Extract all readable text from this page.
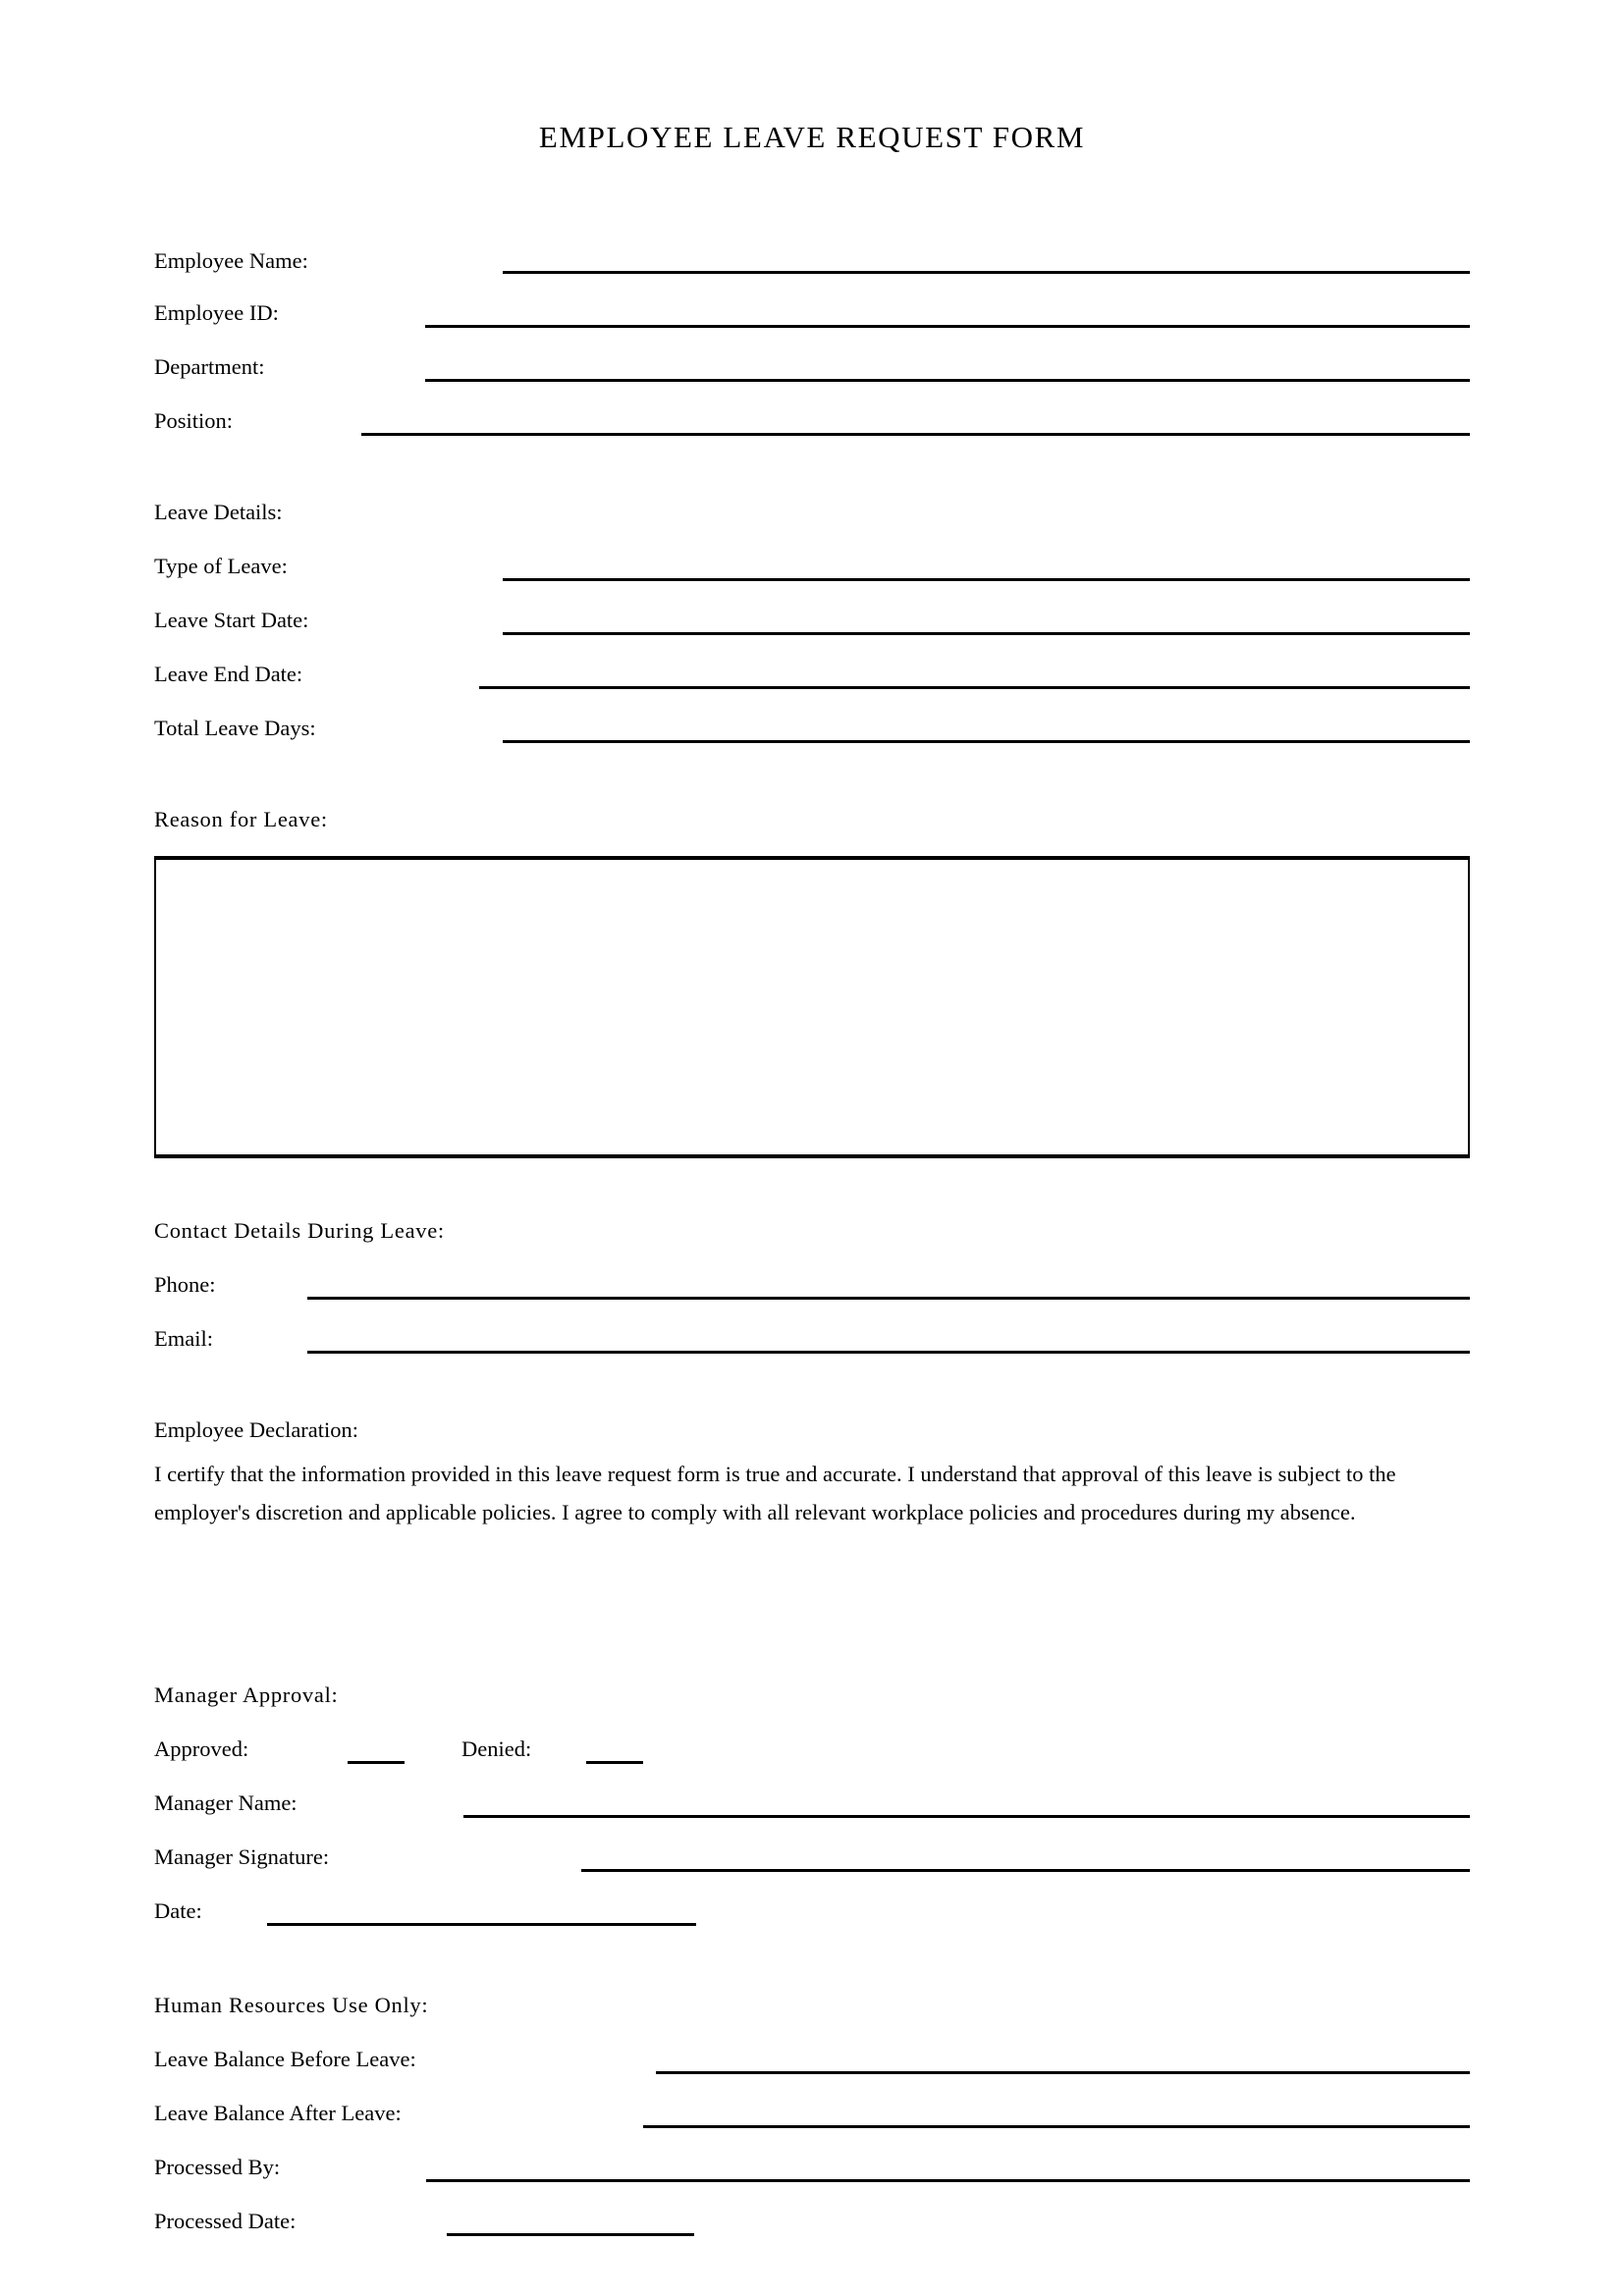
EMPLOYEE LEAVE REQUEST FORM
Employee Name:
Employee ID:
Department:
Position:
Leave Details:
Type of Leave:
Leave Start Date:
Leave End Date:
Total Leave Days:
Reason for Leave:
Contact Details During Leave:
Phone:
Email:
Employee Declaration:
I certify that the information provided in this leave request form is true and accurate. I understand that approval of this leave is subject to the employer's discretion and applicable policies. I agree to comply with all relevant workplace policies and procedures during my absence.
Manager Approval:
Approved:	Denied:
Manager Name:
Manager Signature:
Date:
Human Resources Use Only:
Leave Balance Before Leave:
Leave Balance After Leave:
Processed By:
Processed Date:
